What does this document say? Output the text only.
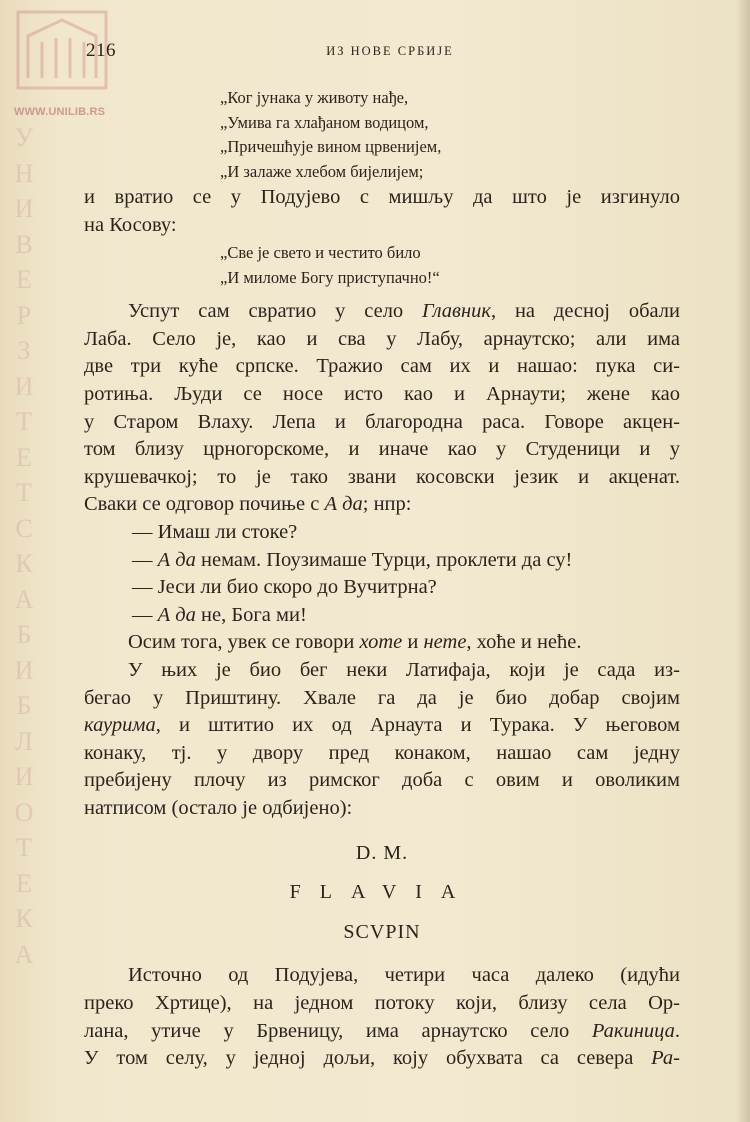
WWW.UNILIB.RS
У
Н
И
В
Е
Р
З
И
Т
Е
Т
С
К
А
Б
И
Б
Л
И
О
Т
Е
К
А
216	ИЗ НОВЕ СРБИЈЕ
„Ког јунака у животу нађе,
„Умива га хлађаном водицом,
„Причешћује вином црвенијем,
„И залаже хлебом бијелијем;
и вратио се у Подујево с мишљу да што је изгинуло
на Косову:
„Све је свето и честито било
„И миломе Богу приступачно!“
Успут сам свратио у село Главник, на десној обали
Лаба. Село је, као и сва у Лабу, арнаутско; али има
две три куће српске. Тражио сам их и нашао: пука си-
ротиња. Људи се носе исто као и Арнаути; жене као
у Старом Влаху. Лепа и благородна раса. Говоре акцен-
том близу црногорскоме, и иначе као у Студеници и у
крушевачкој; то је тако звани косовски језик и акценат.
Сваки се одговор почиње с А да; нпр:
— Имаш ли стоке?
— А да немам. Поузимаше Турци, проклети да су!
— Јеси ли био скоро до Вучитрна?
— А да не, Бога ми!
Осим тога, увек се говори хоте и нете, хоће и неће.
У њих је био бег неки Латифаја, који је сада из-
бегао у Приштину. Хвале га да је био добар својим
каурима, и штитио их од Арнаута и Турака. У његовом
конаку, тј. у двору пред конаком, нашао сам једну
пребијену плочу из римског доба с овим и оволиким
натписом (остало је одбијено):
D. M.
FLAVIA
SCVPIN
Источно од Подујева, четири часа далеко (идући
преко Хртице), на једном потоку који, близу села Ор-
лана, утиче у Брвеницу, има арнаутско село Ракиница.
У том селу, у једној дољи, коју обухвата са севера Ра-
